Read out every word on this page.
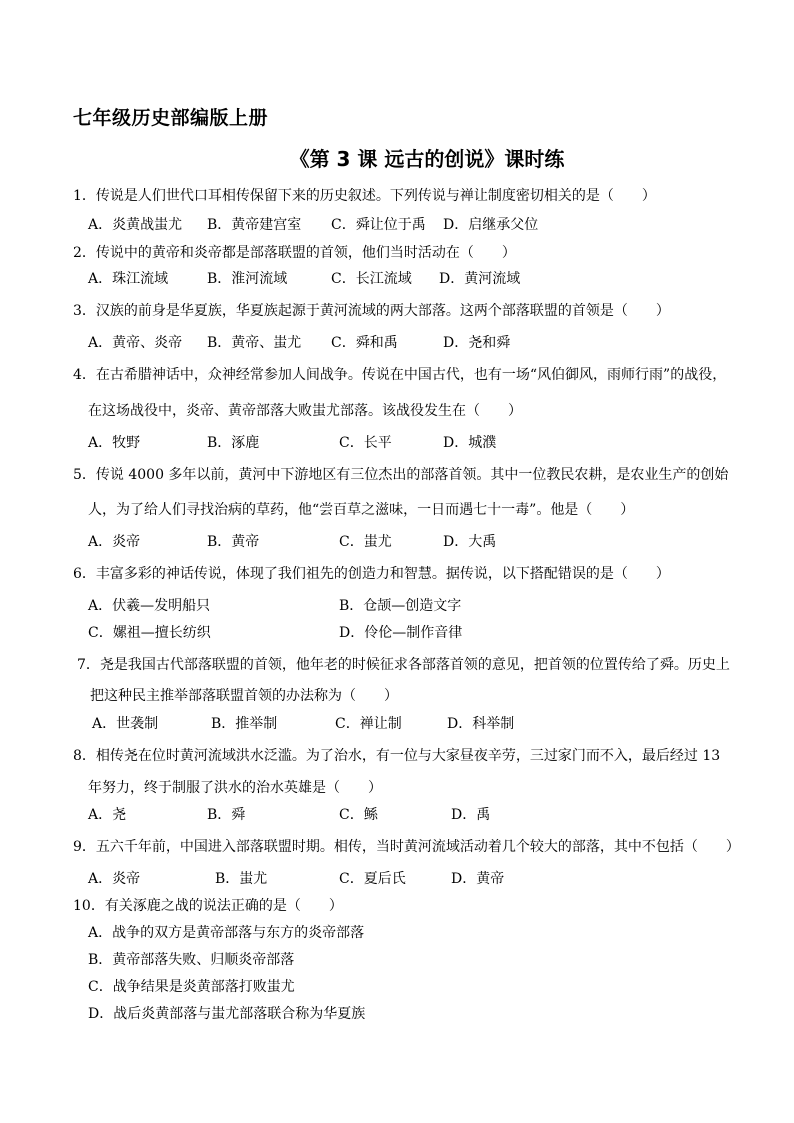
七年级历史部编版上册
《第 3 课 远古的创说》课时练
1．传说是人们世代口耳相传保留下来的历史叙述。下列传说与禅让制度密切相关的是（　　）
A．炎黄战蚩尤 B．黄帝建宫室 C．舜让位于禹 D．启继承父位
2．传说中的黄帝和炎帝都是部落联盟的首领，他们当时活动在（　　）
A．珠江流域	B．淮河流域	C．长江流域 D．黄河流域
3．汉族的前身是华夏族，华夏族起源于黄河流域的两大部落。这两个部落联盟的首领是（　　）
A．黄帝、炎帝 B．黄帝、蚩尤 C．舜和禹	D．尧和舜
4．在古希腊神话中，众神经常参加人间战争。传说在中国古代，也有一场“风伯御风，雨师行雨”的战役，
在这场战役中，炎帝、黄帝部落大败蚩尤部落。该战役发生在（　　）
A．牧野	B．涿鹿	C．长平	D．城濮
5．传说 4000 多年以前，黄河中下游地区有三位杰出的部落首领。其中一位教民农耕，是农业生产的创始
人，为了给人们寻找治病的草药，他“尝百草之滋味，一日而遇七十一毒”。他是（　　）
A．炎帝	B．黄帝	C．蚩尤	D．大禹
6．丰富多彩的神话传说，体现了我们祖先的创造力和智慧。据传说，以下搭配错误的是（　　）
A．伏羲—发明船只	B．仓颉—创造文字
C．嫘祖—擅长纺织	D．伶伦—制作音律
7．尧是我国古代部落联盟的首领，他年老的时候征求各部落首领的意见，把首领的位置传给了舜。历史上
把这种民主推举部落联盟首领的办法称为（　　）
A．世袭制	B．推举制	C．禅让制	D．科举制
8．相传尧在位时黄河流域洪水泛滥。为了治水，有一位与大家昼夜辛劳，三过家门而不入，最后经过 13
年努力，终于制服了洪水的治水英雄是（　　）
A．尧	B．舜	C．鲧	D．禹
9．五六千年前，中国进入部落联盟时期。相传，当时黄河流域活动着几个较大的部落，其中不包括（　　）
A．炎帝	B．蚩尤	C．夏后氏	D．黄帝
10．有关涿鹿之战的说法正确的是（　　）
A．战争的双方是黄帝部落与东方的炎帝部落
B．黄帝部落失败、归顺炎帝部落
C．战争结果是炎黄部落打败蚩尤
D．战后炎黄部落与蚩尤部落联合称为华夏族
